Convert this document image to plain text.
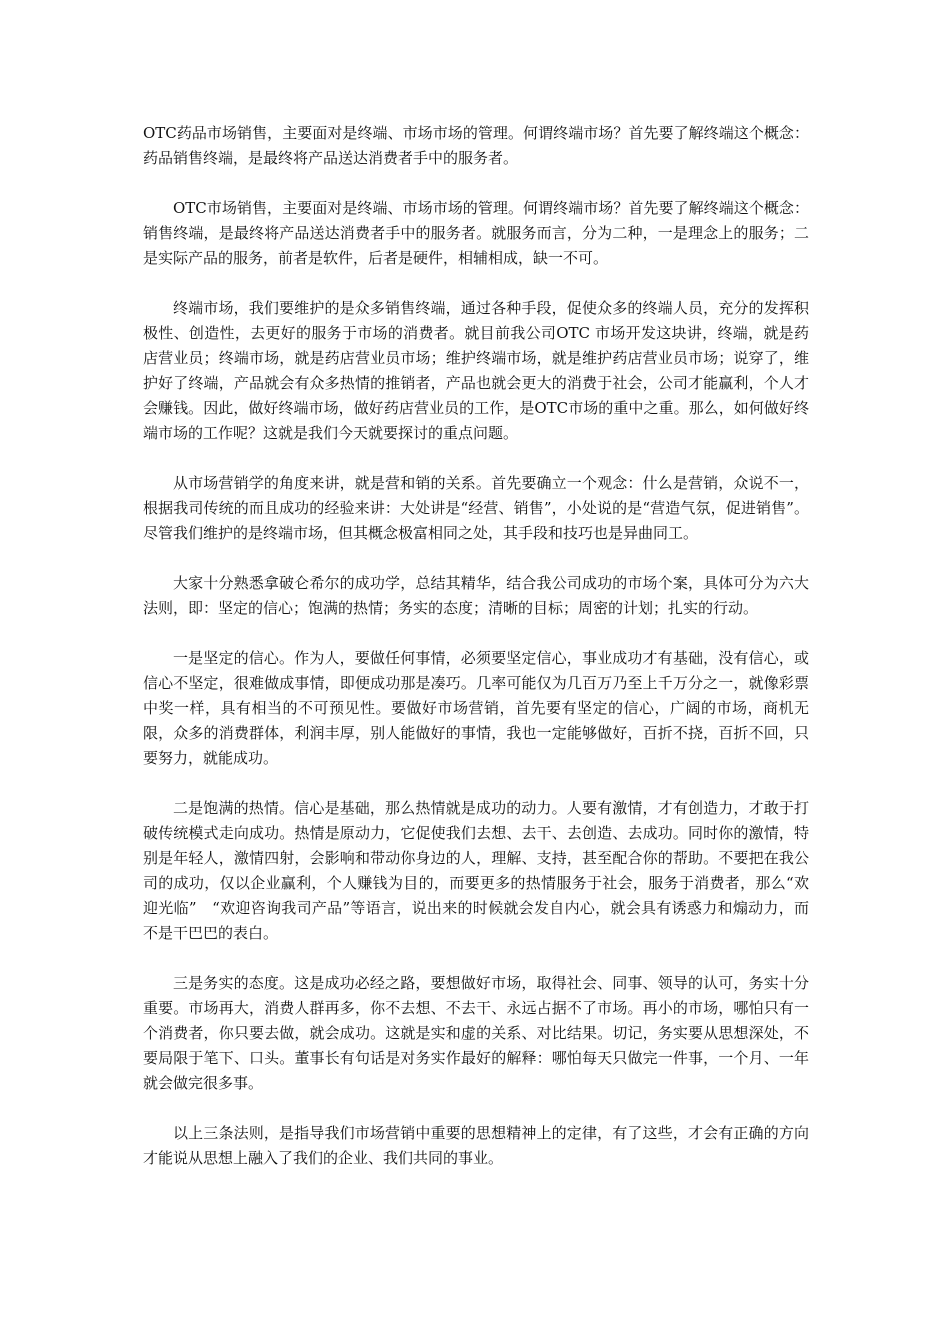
OTC药品市场销售，主要面对是终端、市场市场的管理。何谓终端市场？首先要了解终端这个概念：药品销售终端，是最终将产品送达消费者手中的服务者。

OTC市场销售，主要面对是终端、市场市场的管理。何谓终端市场？首先要了解终端这个概念：销售终端，是最终将产品送达消费者手中的服务者。就服务而言，分为二种，一是理念上的服务；二是实际产品的服务，前者是软件，后者是硬件，相辅相成，缺一不可。

终端市场，我们要维护的是众多销售终端，通过各种手段，促使众多的终端人员，充分的发挥积极性、创造性，去更好的服务于市场的消费者。就目前我公司OTC 市场开发这块讲，终端，就是药店营业员；终端市场，就是药店营业员市场；维护终端市场，就是维护药店营业员市场；说穿了，维护好了终端，产品就会有众多热情的推销者，产品也就会更大的消费于社会，公司才能赢利，个人才会赚钱。因此，做好终端市场，做好药店营业员的工作，是OTC市场的重中之重。那么，如何做好终端市场的工作呢？这就是我们今天就要探讨的重点问题。

从市场营销学的角度来讲，就是营和销的关系。首先要确立一个观念：什么是营销，众说不一，根据我司传统的而且成功的经验来讲：大处讲是“经营、销售”，小处说的是“营造气氛，促进销售”。尽管我们维护的是终端市场，但其概念极富相同之处，其手段和技巧也是异曲同工。

大家十分熟悉拿破仑希尔的成功学，总结其精华，结合我公司成功的市场个案，具体可分为六大法则，即：坚定的信心；饱满的热情；务实的态度；清晰的目标；周密的计划；扎实的行动。

一是坚定的信心。作为人，要做任何事情，必须要坚定信心，事业成功才有基础，没有信心，或信心不坚定，很难做成事情，即便成功那是凑巧。几率可能仅为几百万乃至上千万分之一，就像彩票中奖一样，具有相当的不可预见性。要做好市场营销，首先要有坚定的信心，广阔的市场，商机无限，众多的消费群体，利润丰厚，别人能做好的事情，我也一定能够做好，百折不挠，百折不回，只要努力，就能成功。

二是饱满的热情。信心是基础，那么热情就是成功的动力。人要有激情，才有创造力，才敢于打破传统模式走向成功。热情是原动力，它促使我们去想、去干、去创造、去成功。同时你的激情，特别是年轻人，激情四射，会影响和带动你身边的人，理解、支持，甚至配合你的帮助。不要把在我公司的成功，仅以企业赢利，个人赚钱为目的，而要更多的热情服务于社会，服务于消费者，那么“欢迎光临”　“欢迎咨询我司产品”等语言，说出来的时候就会发自内心，就会具有诱惑力和煽动力，而不是干巴巴的表白。

三是务实的态度。这是成功必经之路，要想做好市场，取得社会、同事、领导的认可，务实十分重要。市场再大，消费人群再多，你不去想、不去干、永远占据不了市场。再小的市场，哪怕只有一个消费者，你只要去做，就会成功。这就是实和虚的关系、对比结果。切记，务实要从思想深处，不要局限于笔下、口头。董事长有句话是对务实作最好的解释：哪怕每天只做完一件事，一个月、一年就会做完很多事。

以上三条法则，是指导我们市场营销中重要的思想精神上的定律，有了这些，才会有正确的方向才能说从思想上融入了我们的企业、我们共同的事业。
